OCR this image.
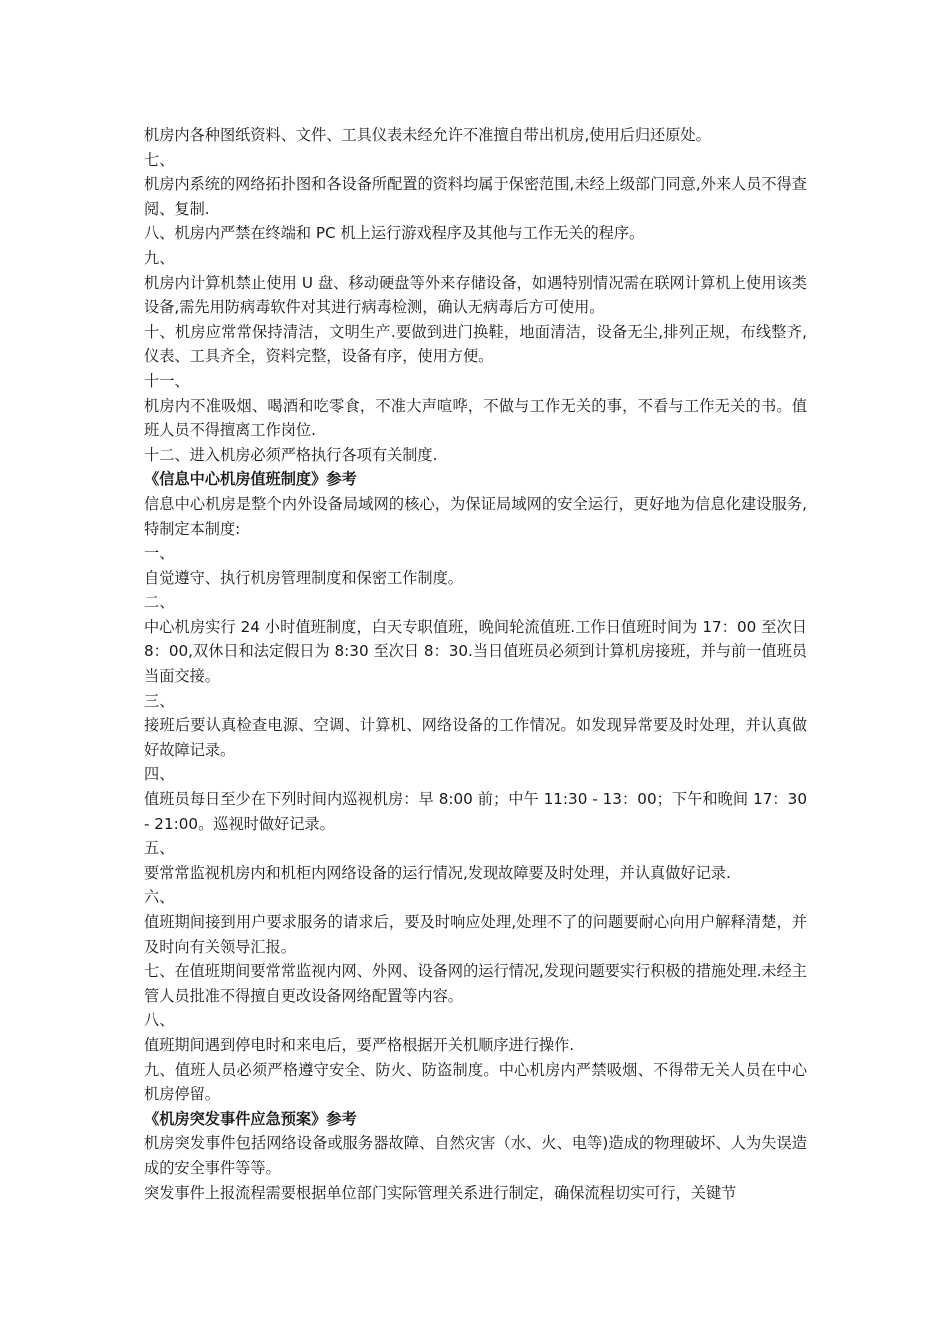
机房内各种图纸资料、文件、工具仪表未经允许不准擅自带出机房,使用后归还原处。

七、

机房内系统的网络拓扑图和各设备所配置的资料均属于保密范围,未经上级部门同意,外来人员不得查阅、复制.

八、机房内严禁在终端和 PC 机上运行游戏程序及其他与工作无关的程序。

九、

机房内计算机禁止使用 U 盘、移动硬盘等外来存储设备，如遇特别情况需在联网计算机上使用该类设备,需先用防病毒软件对其进行病毒检测，确认无病毒后方可使用。

十、机房应常常保持清洁，文明生产.要做到进门换鞋，地面清洁，设备无尘,排列正规，布线整齐,仪表、工具齐全，资料完整，设备有序，使用方便。

十一、

机房内不准吸烟、喝酒和吃零食，不准大声喧哗，不做与工作无关的事，不看与工作无关的书。值班人员不得擅离工作岗位.

十二、进入机房必须严格执行各项有关制度.

《信息中心机房值班制度》参考

信息中心机房是整个内外设备局域网的核心，为保证局域网的安全运行，更好地为信息化建设服务,特制定本制度:

一、

自觉遵守、执行机房管理制度和保密工作制度。

二、

中心机房实行 24 小时值班制度，白天专职值班，晚间轮流值班.工作日值班时间为 17：00 至次日 8：00,双休日和法定假日为 8:30 至次日 8：30.当日值班员必须到计算机房接班，并与前一值班员当面交接。

三、

接班后要认真检查电源、空调、计算机、网络设备的工作情况。如发现异常要及时处理，并认真做好故障记录。

四、

值班员每日至少在下列时间内巡视机房：早 8:00 前；中午 11:30 - 13：00；下午和晚间 17：30 - 21:00。巡视时做好记录。

五、

要常常监视机房内和机柜内网络设备的运行情况,发现故障要及时处理，并认真做好记录.

六、

值班期间接到用户要求服务的请求后，要及时响应处理,处理不了的问题要耐心向用户解释清楚，并及时向有关领导汇报。

七、在值班期间要常常监视内网、外网、设备网的运行情况,发现问题要实行积极的措施处理.未经主管人员批准不得擅自更改设备网络配置等内容。

八、

值班期间遇到停电时和来电后，要严格根据开关机顺序进行操作.

九、值班人员必须严格遵守安全、防火、防盗制度。中心机房内严禁吸烟、不得带无关人员在中心机房停留。

《机房突发事件应急预案》参考

机房突发事件包括网络设备或服务器故障、自然灾害（水、火、电等)造成的物理破坏、人为失误造成的安全事件等等。

突发事件上报流程需要根据单位部门实际管理关系进行制定，确保流程切实可行，关键节
